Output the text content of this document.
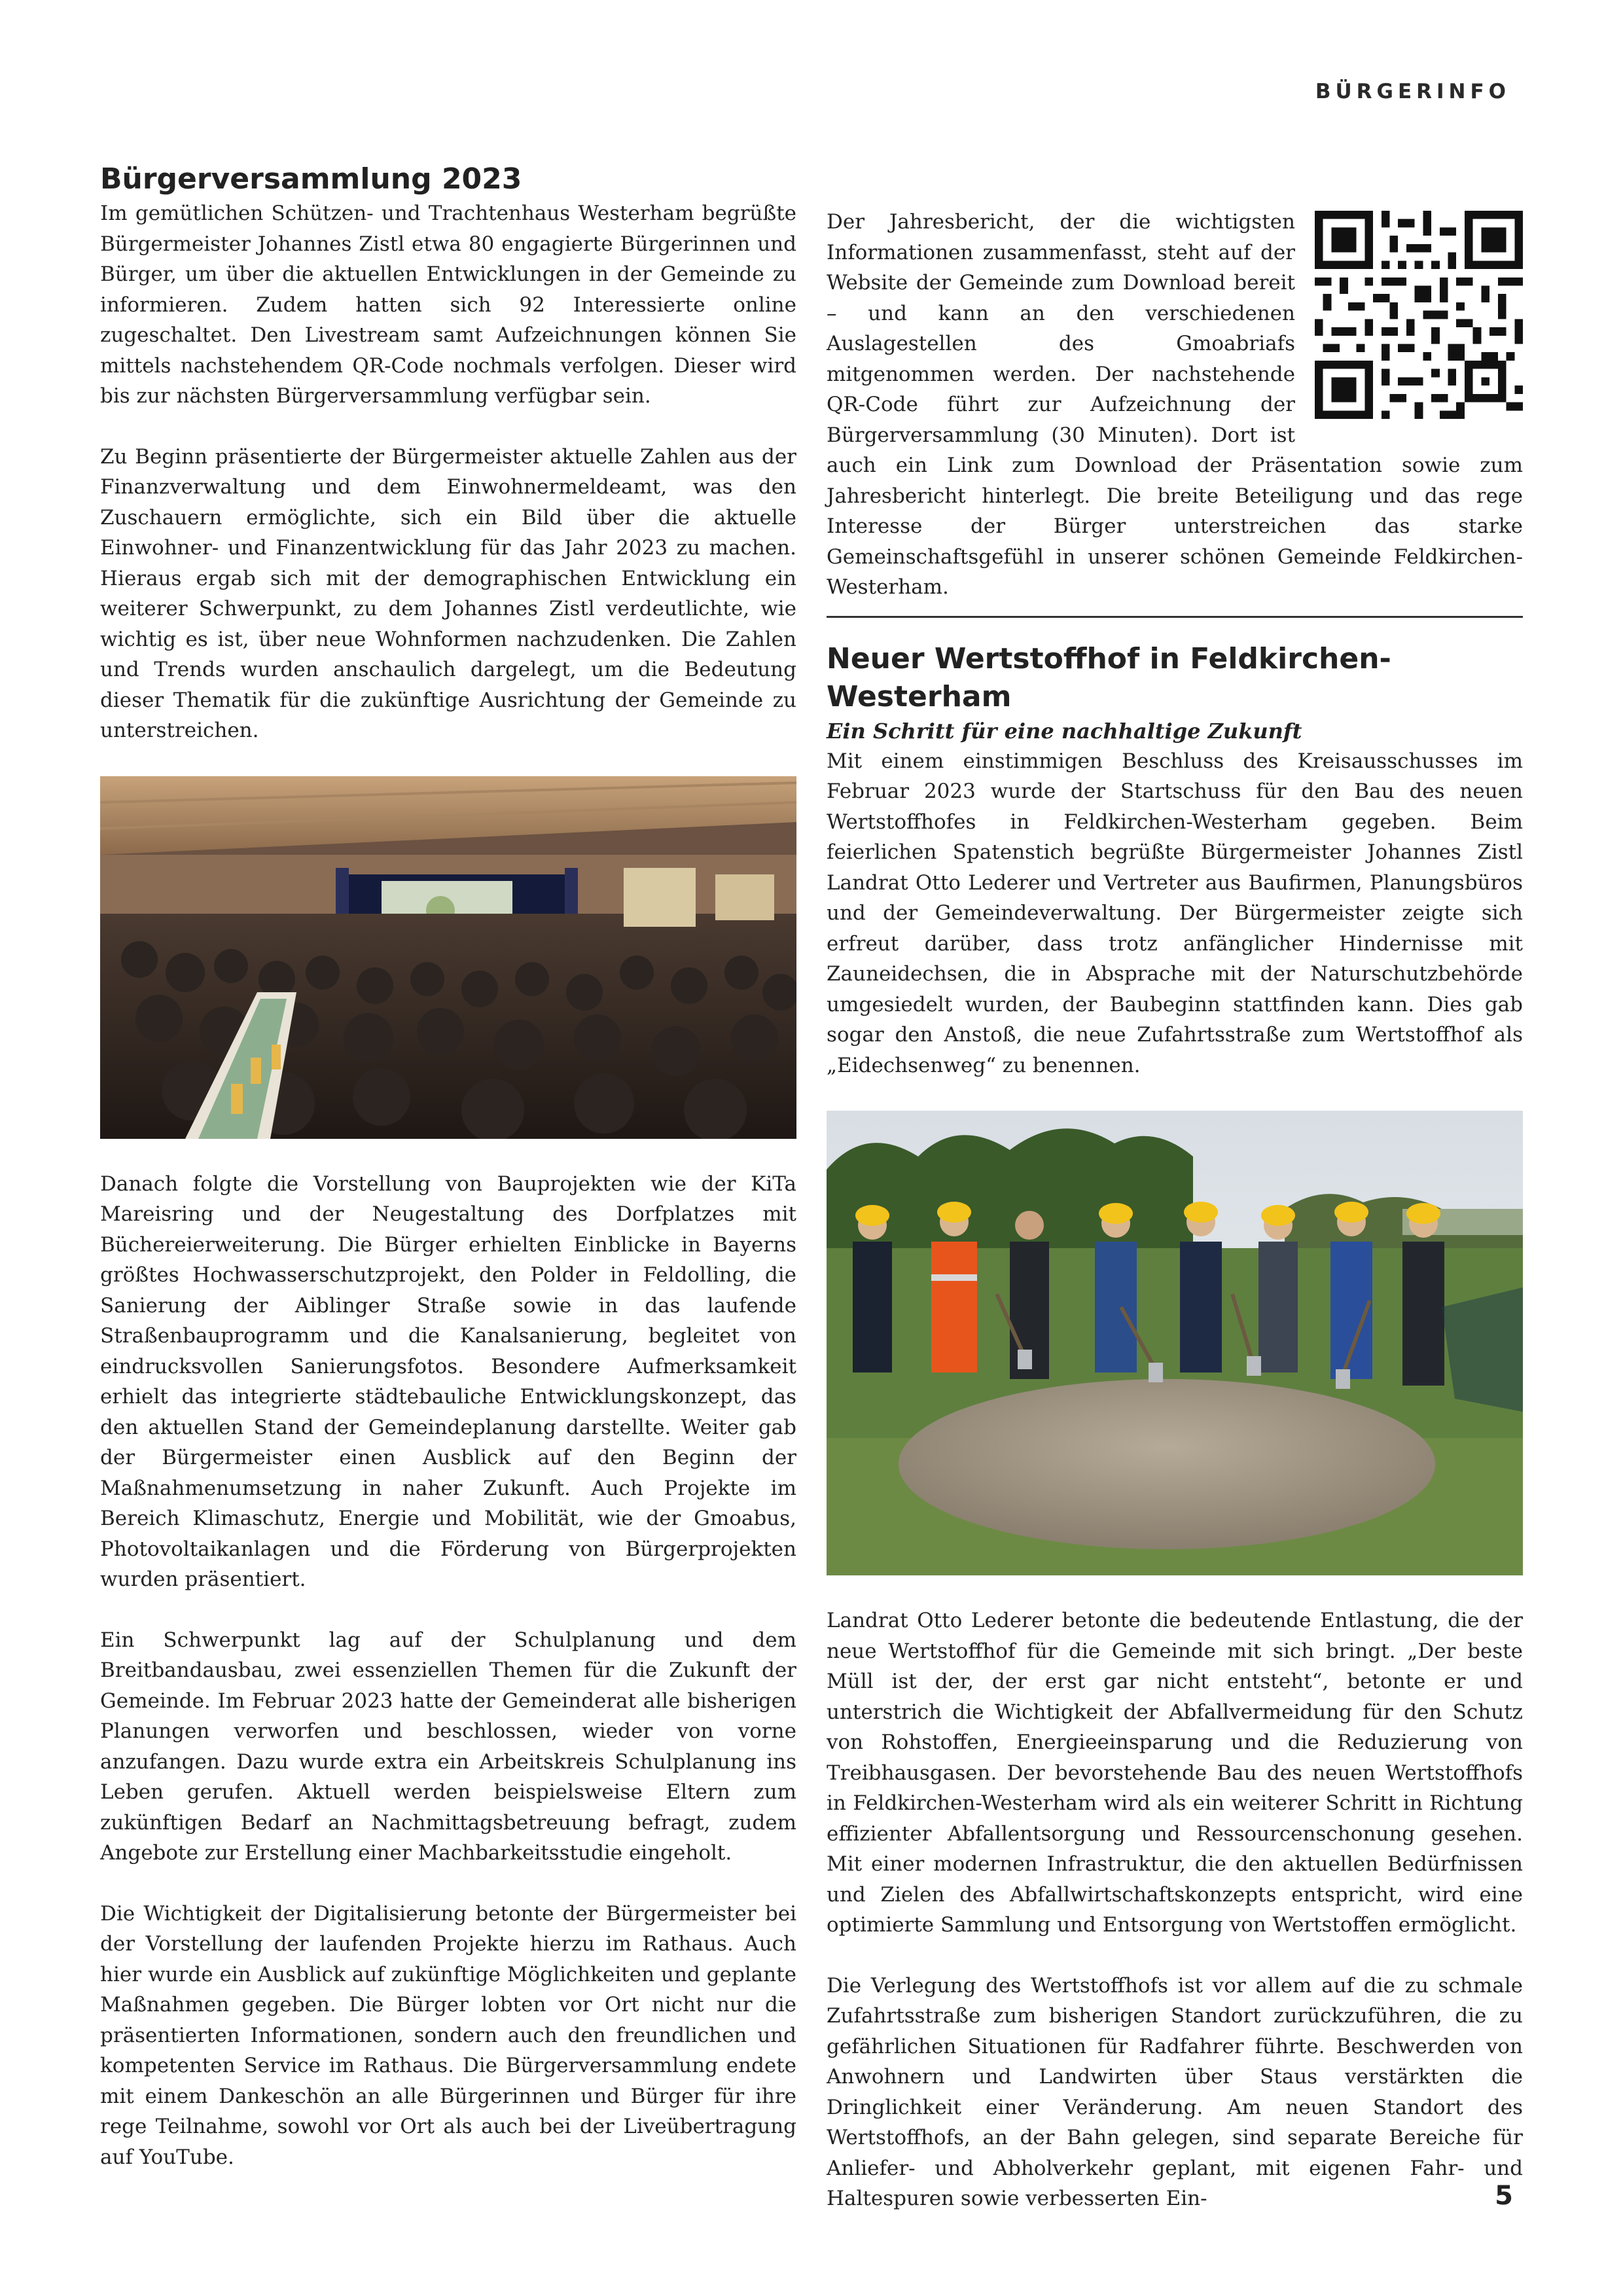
BÜRGERINFO
Bürgerversammlung 2023

Im gemütlichen Schützen- und Trachtenhaus Westerham begrüßte Bürgermeister Johannes Zistl etwa 80 engagierte Bürgerinnen und Bürger, um über die aktuellen Entwicklungen in der Gemeinde zu informieren. Zudem hatten sich 92 Interessierte online zugeschaltet. Den Livestream samt Aufzeichnungen können Sie mittels nachstehendem QR-Code nochmals verfolgen. Dieser wird bis zur nächsten Bürgerversammlung verfügbar sein.

Zu Beginn präsentierte der Bürgermeister aktuelle Zahlen aus der Finanzverwaltung und dem Einwohnermeldeamt, was den Zuschauern ermöglichte, sich ein Bild über die aktuelle Einwohner- und Finanzentwicklung für das Jahr 2023 zu machen. Hieraus ergab sich mit der demographischen Entwicklung ein weiterer Schwerpunkt, zu dem Johannes Zistl verdeutlichte, wie wichtig es ist, über neue Wohnformen nachzudenken. Die Zahlen und Trends wurden anschaulich dargelegt, um die Bedeutung dieser Thematik für die zukünftige Ausrichtung der Gemeinde zu unterstreichen.

Danach folgte die Vorstellung von Bauprojekten wie der KiTa Mareisring und der Neugestaltung des Dorfplatzes mit Büchereierweiterung. Die Bürger erhielten Einblicke in Bayerns größtes Hochwasserschutzprojekt, den Polder in Feldolling, die Sanierung der Aiblinger Straße sowie in das laufende Straßenbauprogramm und die Kanalsanierung, begleitet von eindrucksvollen Sanierungsfotos. Besondere Aufmerksamkeit erhielt das integrierte städtebauliche Entwicklungskonzept, das den aktuellen Stand der Gemeindeplanung darstellte. Weiter gab der Bürgermeister einen Ausblick auf den Beginn der Maßnahmenumsetzung in naher Zukunft. Auch Projekte im Bereich Klimaschutz, Energie und Mobilität, wie der Gmoabus, Photovoltaikanlagen und die Förderung von Bürgerprojekten wurden präsentiert.

Ein Schwerpunkt lag auf der Schulplanung und dem Breitbandausbau, zwei essenziellen Themen für die Zukunft der Gemeinde. Im Februar 2023 hatte der Gemeinderat alle bisherigen Planungen verworfen und beschlossen, wieder von vorne anzufangen. Dazu wurde extra ein Arbeitskreis Schulplanung ins Leben gerufen. Aktuell werden beispielsweise Eltern zum zukünftigen Bedarf an Nachmittagsbetreuung befragt, zudem Angebote zur Erstellung einer Machbarkeitsstudie eingeholt.

Die Wichtigkeit der Digitalisierung betonte der Bürgermeister bei der Vorstellung der laufenden Projekte hierzu im Rathaus. Auch hier wurde ein Ausblick auf zukünftige Möglichkeiten und geplante Maßnahmen gegeben. Die Bürger lobten vor Ort nicht nur die präsentierten Informationen, sondern auch den freundlichen und kompetenten Service im Rathaus. Die Bürgerversammlung endete mit einem Dankeschön an alle Bürgerinnen und Bürger für ihre rege Teilnahme, sowohl vor Ort als auch bei der Liveübertragung auf YouTube.

Der Jahresbericht, der die wichtigsten Informationen zusammenfasst, steht auf der Website der Gemeinde zum Download bereit – und kann an den verschiedenen Auslagestellen des Gmoabriafs mitgenommen werden. Der nachstehende QR-Code führt zur Aufzeichnung der Bürgerversammlung (30 Minuten). Dort ist auch ein Link zum Download der Präsentation sowie zum Jahresbericht hinterlegt. Die breite Beteiligung und das rege Interesse der Bürger unterstreichen das starke Gemeinschaftsgefühl in unserer schönen Gemeinde Feldkirchen-Westerham.

Neuer Wertstoffhof in Feldkirchen-Westerham
Ein Schritt für eine nachhaltige Zukunft

Mit einem einstimmigen Beschluss des Kreisausschusses im Februar 2023 wurde der Startschuss für den Bau des neuen Wertstoffhofes in Feldkirchen-Westerham gegeben. Beim feierlichen Spatenstich begrüßte Bürgermeister Johannes Zistl Landrat Otto Lederer und Vertreter aus Baufirmen, Planungsbüros und der Gemeindeverwaltung. Der Bürgermeister zeigte sich erfreut darüber, dass trotz anfänglicher Hindernisse mit Zauneidechsen, die in Absprache mit der Naturschutzbehörde umgesiedelt wurden, der Baubeginn stattfinden kann. Dies gab sogar den Anstoß, die neue Zufahrtsstraße zum Wertstoffhof als „Eidechsenweg“ zu benennen.

Landrat Otto Lederer betonte die bedeutende Entlastung, die der neue Wertstoffhof für die Gemeinde mit sich bringt. „Der beste Müll ist der, der erst gar nicht entsteht“, betonte er und unterstrich die Wichtigkeit der Abfallvermeidung für den Schutz von Rohstoffen, Energieeinsparung und die Reduzierung von Treibhausgasen. Der bevorstehende Bau des neuen Wertstoffhofs in Feldkirchen-Westerham wird als ein weiterer Schritt in Richtung effizienter Abfallentsorgung und Ressourcenschonung gesehen. Mit einer modernen Infrastruktur, die den aktuellen Bedürfnissen und Zielen des Abfallwirtschaftskonzepts entspricht, wird eine optimierte Sammlung und Entsorgung von Wertstoffen ermöglicht.

Die Verlegung des Wertstoffhofs ist vor allem auf die zu schmale Zufahrtsstraße zum bisherigen Standort zurückzuführen, die zu gefährlichen Situationen für Radfahrer führte. Beschwerden von Anwohnern und Landwirten über Staus verstärkten die Dringlichkeit einer Veränderung. Am neuen Standort des Wertstoffhofs, an der Bahn gelegen, sind separate Bereiche für Anliefer- und Abholverkehr geplant, mit eigenen Fahr- und Haltespuren sowie verbesserten Ein-	5
